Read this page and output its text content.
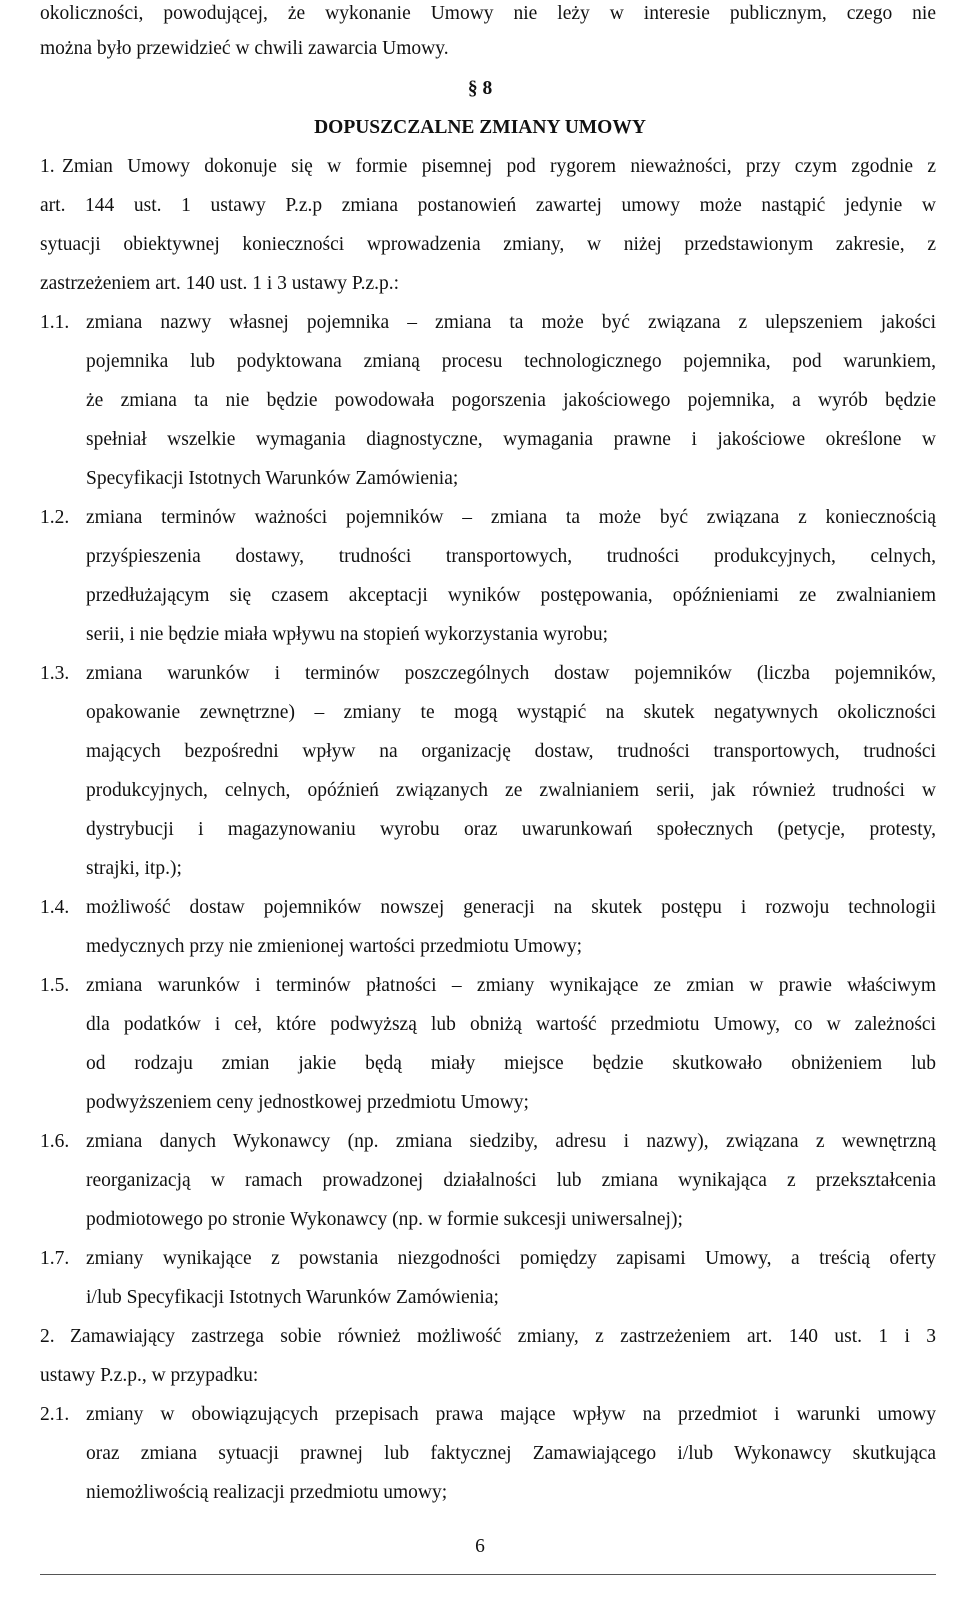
okoliczności, powodującej, że wykonanie Umowy nie leży w interesie publicznym, czego nie
można było przewidzieć w chwili zawarcia Umowy.
§ 8
DOPUSZCZALNE ZMIANY UMOWY
1. Zmian Umowy dokonuje się w formie pisemnej pod rygorem nieważności, przy czym zgodnie z
art. 144 ust. 1 ustawy P.z.p zmiana postanowień zawartej umowy może nastąpić jedynie w
sytuacji obiektywnej konieczności wprowadzenia zmiany, w niżej przedstawionym zakresie, z
zastrzeżeniem art. 140 ust. 1 i 3 ustawy P.z.p.:
1.1. zmiana nazwy własnej pojemnika – zmiana ta może być związana z ulepszeniem jakości
pojemnika lub podyktowana zmianą procesu technologicznego pojemnika, pod warunkiem,
że zmiana ta nie będzie powodowała pogorszenia jakościowego pojemnika, a wyrób będzie
spełniał wszelkie wymagania diagnostyczne, wymagania prawne i jakościowe określone w
Specyfikacji Istotnych Warunków Zamówienia;
1.2. zmiana terminów ważności pojemników – zmiana ta może być związana z koniecznością
przyśpieszenia dostawy, trudności transportowych, trudności produkcyjnych, celnych,
przedłużającym się czasem akceptacji wyników postępowania, opóźnieniami ze zwalnianiem
serii, i nie będzie miała wpływu na stopień wykorzystania wyrobu;
1.3. zmiana warunków i terminów poszczególnych dostaw pojemników (liczba pojemników,
opakowanie zewnętrzne) – zmiany te mogą wystąpić na skutek negatywnych okoliczności
mających bezpośredni wpływ na organizację dostaw, trudności transportowych, trudności
produkcyjnych, celnych, opóźnień związanych ze zwalnianiem serii, jak również trudności w
dystrybucji i magazynowaniu wyrobu oraz uwarunkowań społecznych (petycje, protesty,
strajki, itp.);
1.4. możliwość dostaw pojemników nowszej generacji na skutek postępu i rozwoju technologii
medycznych przy nie zmienionej wartości przedmiotu Umowy;
1.5. zmiana warunków i terminów płatności – zmiany wynikające ze zmian w prawie właściwym
dla podatków i ceł, które podwyższą lub obniżą wartość przedmiotu Umowy, co w zależności
od rodzaju zmian jakie będą miały miejsce będzie skutkowało obniżeniem lub
podwyższeniem ceny jednostkowej przedmiotu Umowy;
1.6. zmiana danych Wykonawcy (np. zmiana siedziby, adresu i nazwy), związana z wewnętrzną
reorganizacją w ramach prowadzonej działalności lub zmiana wynikająca z przekształcenia
podmiotowego po stronie Wykonawcy (np. w formie sukcesji uniwersalnej);
1.7. zmiany wynikające z powstania niezgodności pomiędzy zapisami Umowy, a treścią oferty
i/lub Specyfikacji Istotnych Warunków Zamówienia;
2. Zamawiający zastrzega sobie również możliwość zmiany, z zastrzeżeniem art. 140 ust. 1 i 3
ustawy P.z.p., w przypadku:
2.1. zmiany w obowiązujących przepisach prawa mające wpływ na przedmiot i warunki umowy
oraz zmiana sytuacji prawnej lub faktycznej Zamawiającego i/lub Wykonawcy skutkująca
niemożliwością realizacji przedmiotu umowy;
6
